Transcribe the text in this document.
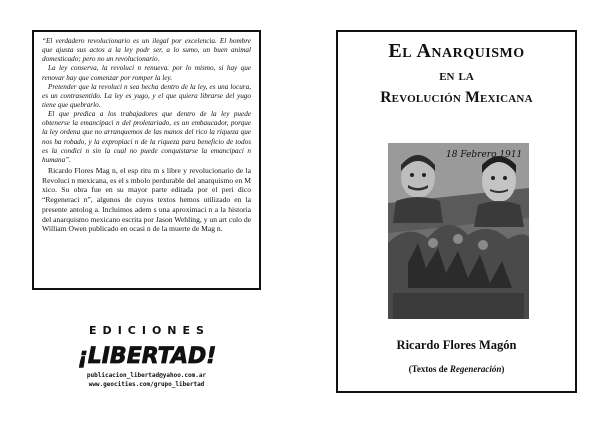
“El verdadero revolucionario es un ilegal por excelencia. El hombre que ajusta sus actos a la ley podr ser, a lo sumo, un buen animal domesticado; pero no un revolucionario.

La ley conserva, la revoluci n renueva. por lo mismo, si hay que renovar hay que comenzar por romper la ley.

Pretender que la revoluci n sea hecha dentro de la ley, es una locura, es un contrasentido. La ley es yugo, y el que quiera librarse del yugo tiene que quebrarlo.

El que predica a los trabajadores que dentro de la ley puede obtenerse la emancipaci n del proletariado, es un embaucador, porque la ley ordena que no arranquemos de las manos del rico la riqueza que nos ha robado, y la expropiaci n de la riqueza para beneficio de todos es la condici n sin la cual no puede conquistarse la emancipaci n humana”.

Ricardo Flores Mag n, el esp ritu m s libre y revolucionario de la Revoluci n mexicana, es el s mbolo perdurable del anarquismo en M xico. Su obra fue en su mayor parte editada por el peri dico “Regeneraci n”, algunos de cuyos textos hemos utilizado en la presente antolog a. Incluimos adem s una aproximaci n a la historia del anarquismo mexicano escrita por Jason Wehling, y un art culo de William Owen publicado en ocasi n de la muerte de Mag n.

EDICIONES
¡LIBERTAD!
publicacion_libertad@yahoo.com.ar
www.geocities.com/grupo_libertad
El Anarquismo
en la
Revolución Mexicana
18 Febrero 1911
Ricardo Flores Magón
(Textos de Regeneración)
